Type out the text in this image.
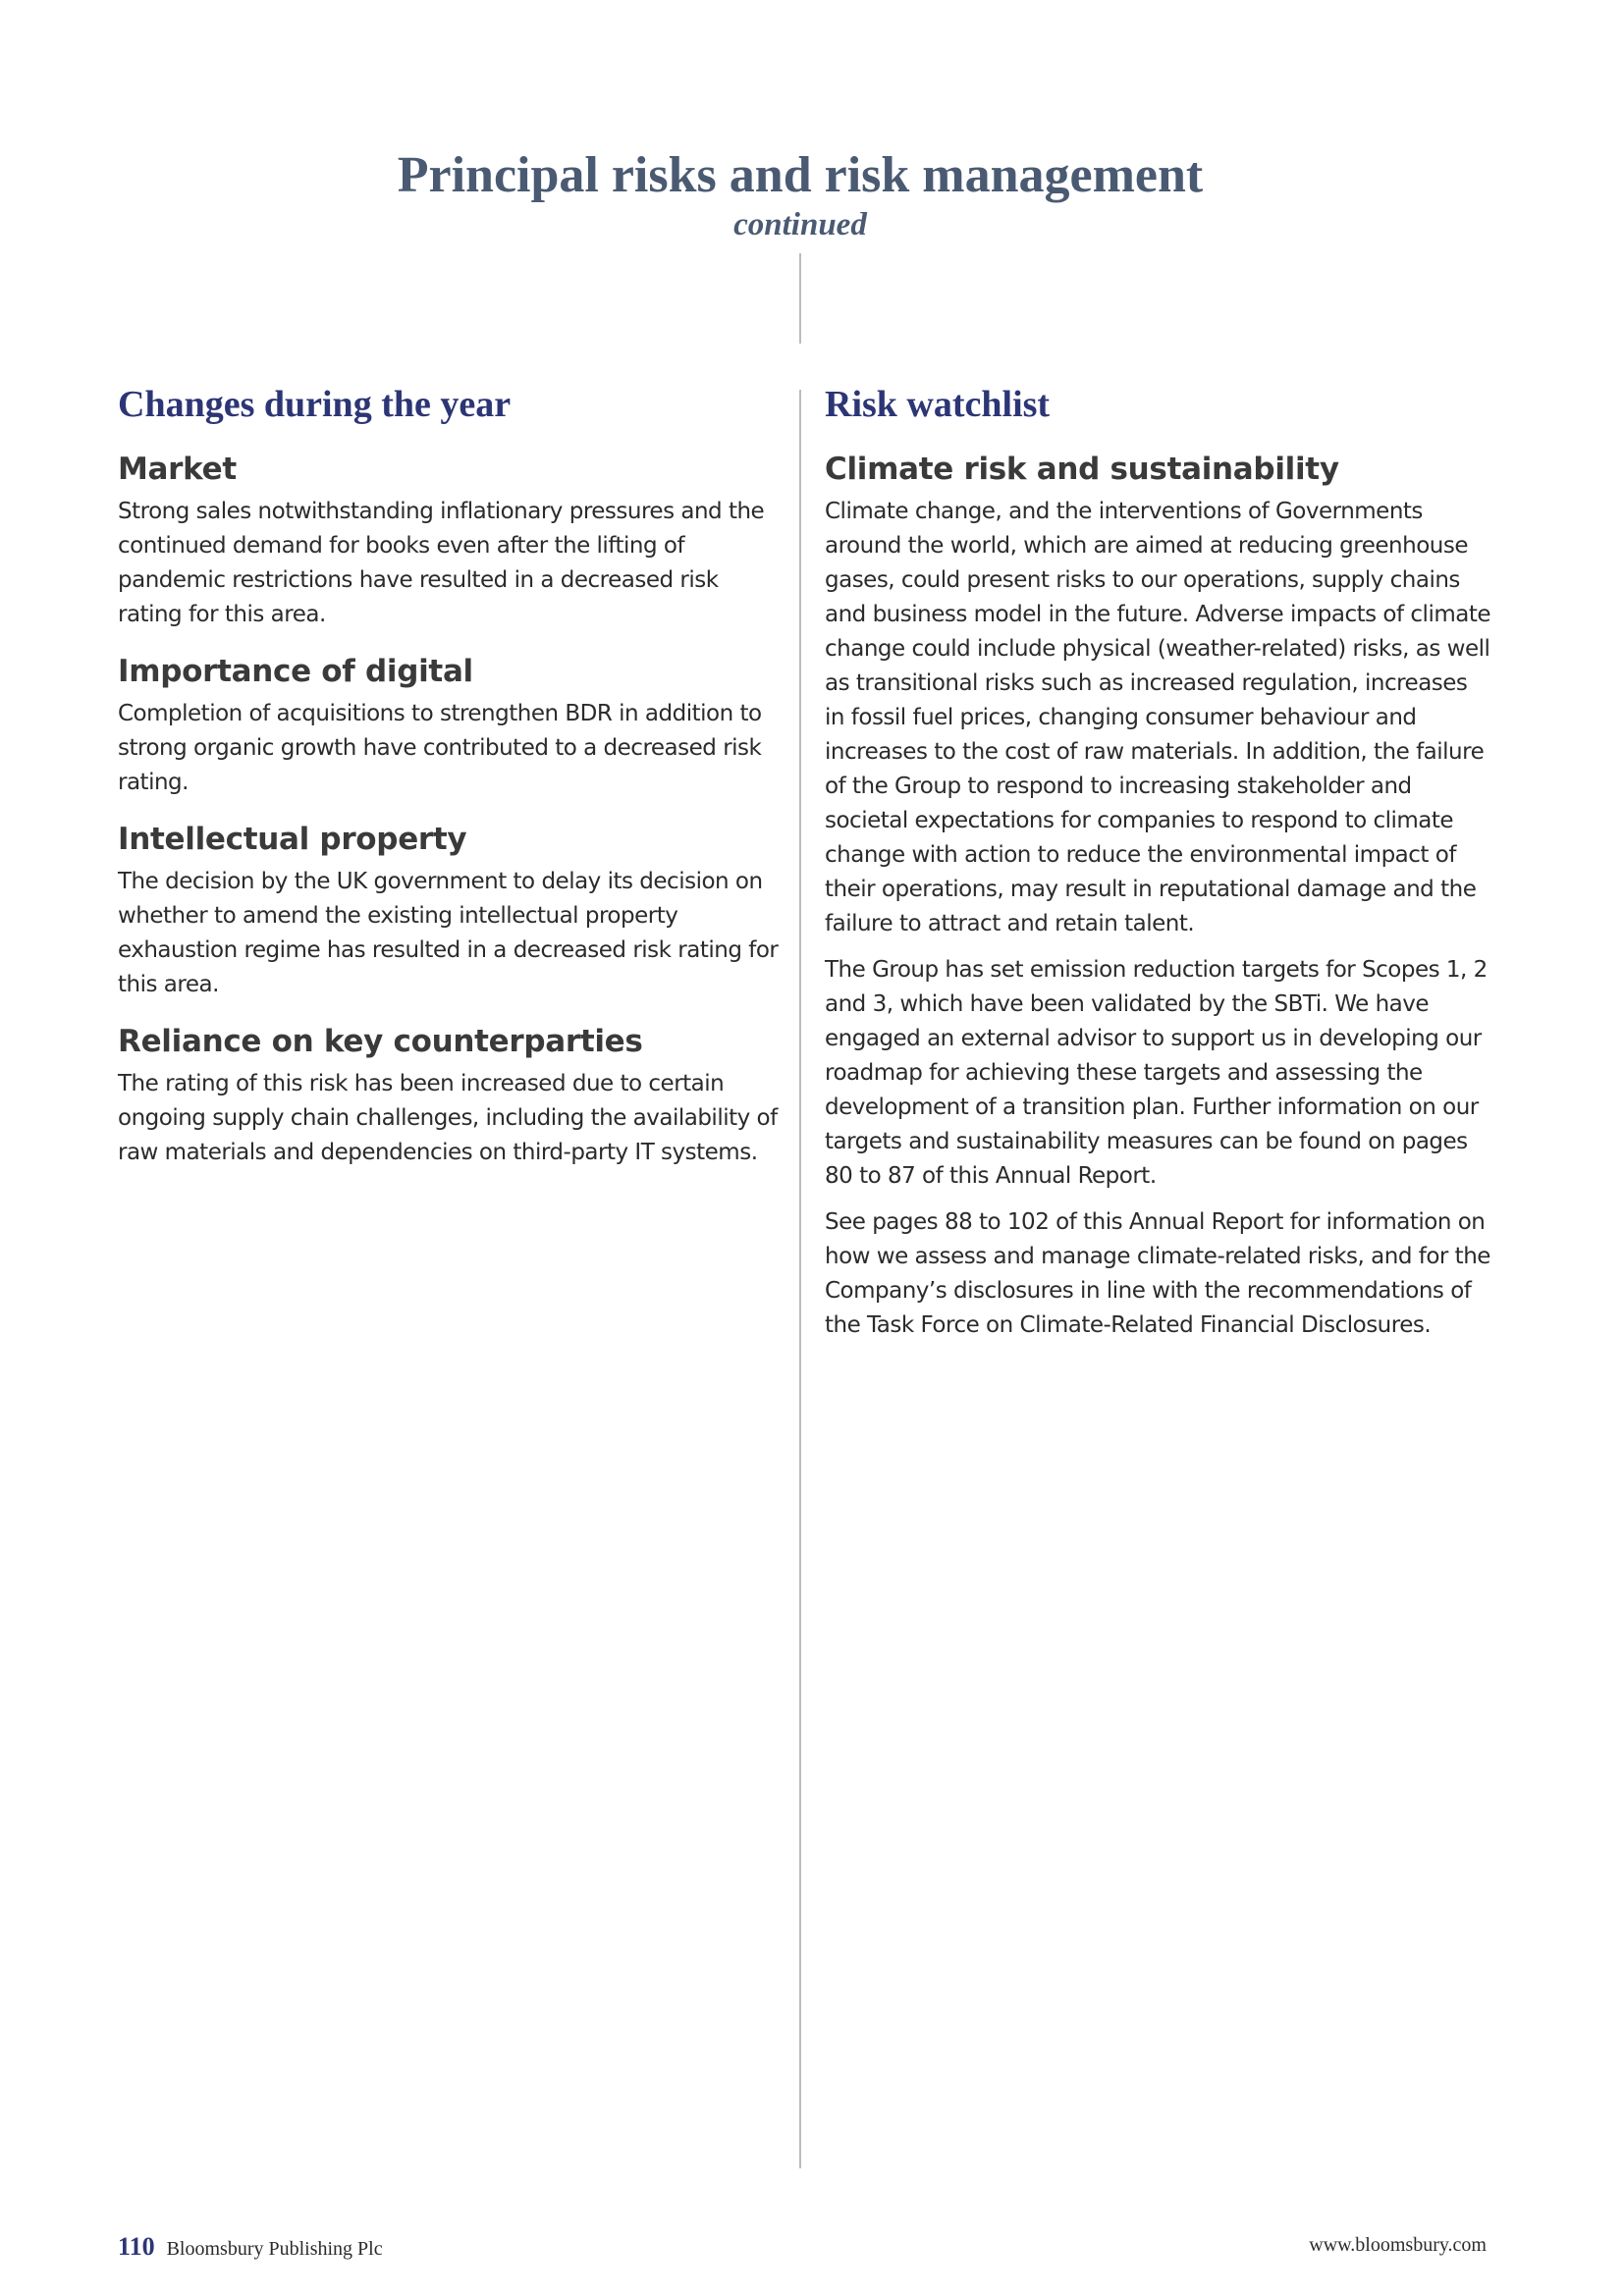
Principal risks and risk management
continued
Changes during the year
Market

Strong sales notwithstanding inflationary pressures and the continued demand for books even after the lifting of pandemic restrictions have resulted in a decreased risk rating for this area.

Importance of digital

Completion of acquisitions to strengthen BDR in addition to strong organic growth have contributed to a decreased risk rating.

Intellectual property

The decision by the UK government to delay its decision on whether to amend the existing intellectual property exhaustion regime has resulted in a decreased risk rating for this area.

Reliance on key counterparties

The rating of this risk has been increased due to certain ongoing supply chain challenges, including the availability of raw materials and dependencies on third-party IT systems.

Risk watchlist
Climate risk and sustainability

Climate change, and the interventions of Governments around the world, which are aimed at reducing greenhouse gases, could present risks to our operations, supply chains and business model in the future. Adverse impacts of climate change could include physical (weather-related) risks, as well as transitional risks such as increased regulation, increases in fossil fuel prices, changing consumer behaviour and increases to the cost of raw materials. In addition, the failure of the Group to respond to increasing stakeholder and societal expectations for companies to respond to climate change with action to reduce the environmental impact of their operations, may result in reputational damage and the failure to attract and retain talent.

The Group has set emission reduction targets for Scopes 1, 2 and 3, which have been validated by the SBTi. We have engaged an external advisor to support us in developing our roadmap for achieving these targets and assessing the development of a transition plan. Further information on our targets and sustainability measures can be found on pages 80 to 87 of this Annual Report.

See pages 88 to 102 of this Annual Report for information on how we assess and manage climate-related risks, and for the Company’s disclosures in line with the recommendations of the Task Force on Climate-Related Financial Disclosures.

110 Bloomsbury Publishing Plc	www.bloomsbury.com
